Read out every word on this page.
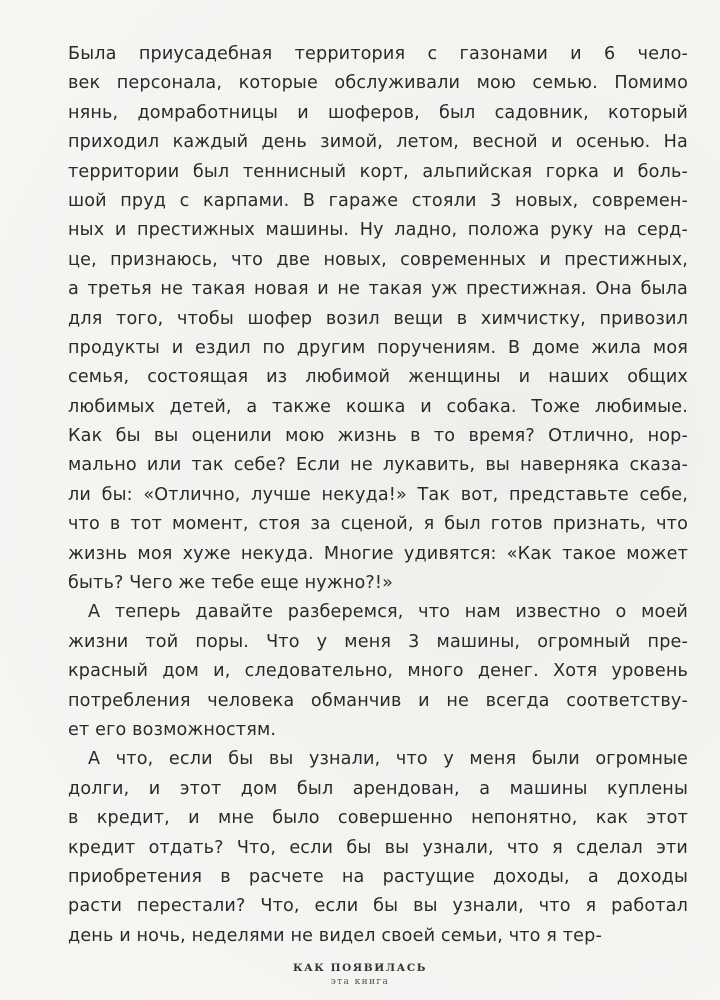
Была приусадебная территория с газонами и 6 чело-
век персонала, которые обслуживали мою семью. Помимо
нянь, домработницы и шоферов, был садовник, который
приходил каждый день зимой, летом, весной и осенью. На
территории был теннисный корт, альпийская горка и боль-
шой пруд с карпами. В гараже стояли 3 новых, современ-
ных и престижных машины. Ну ладно, положа руку на серд-
це, признаюсь, что две новых, современных и престижных,
а третья не такая новая и не такая уж престижная. Она была
для того, чтобы шофер возил вещи в химчистку, привозил
продукты и ездил по другим поручениям. В доме жила моя
семья, состоящая из любимой женщины и наших общих
любимых детей, а также кошка и собака. Тоже любимые.
Как бы вы оценили мою жизнь в то время? Отлично, нор-
мально или так себе? Если не лукавить, вы наверняка сказа-
ли бы: «Отлично, лучше некуда!» Так вот, представьте себе,
что в тот момент, стоя за сценой, я был готов признать, что
жизнь моя хуже некуда. Многие удивятся: «Как такое может
быть? Чего же тебе еще нужно?!»
А теперь давайте разберемся, что нам известно о моей
жизни той поры. Что у меня 3 машины, огромный пре-
красный дом и, следовательно, много денег. Хотя уровень
потребления человека обманчив и не всегда соответству-
ет его возможностям.
А что, если бы вы узнали, что у меня были огромные
долги, и этот дом был арендован, а машины куплены
в кредит, и мне было совершенно непонятно, как этот
кредит отдать? Что, если бы вы узнали, что я сделал эти
приобретения в расчете на растущие доходы, а доходы
расти перестали? Что, если бы вы узнали, что я работал
день и ночь, неделями не видел своей семьи, что я тер-
КАК ПОЯВИЛАСЬ
эта книга
